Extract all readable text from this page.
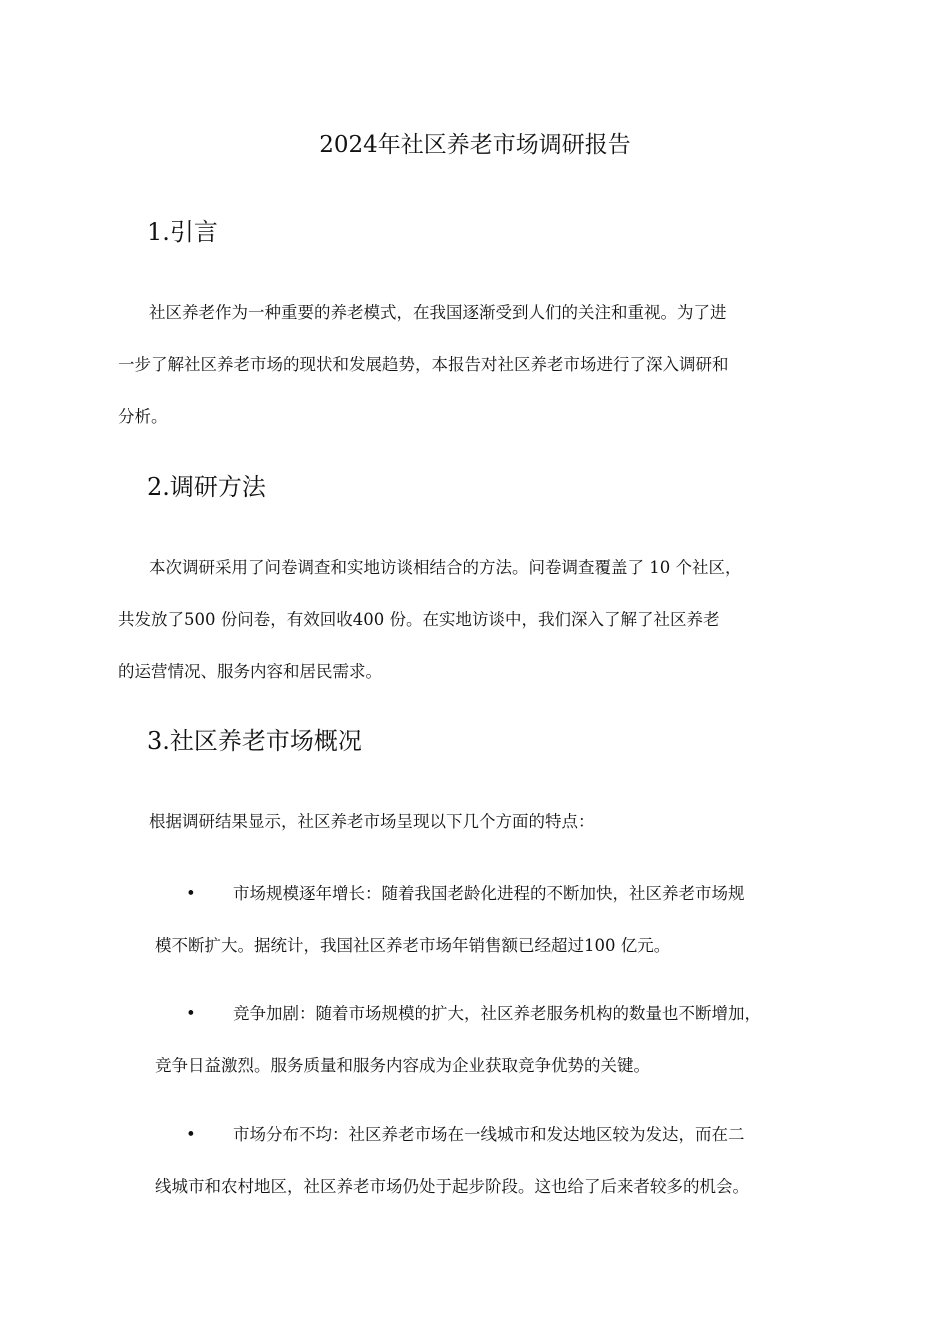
2024年社区养老市场调研报告
1.引言
社区养老作为一种重要的养老模式，在我国逐渐受到人们的关注和重视。为了进
一步了解社区养老市场的现状和发展趋势，本报告对社区养老市场进行了深入调研和
分析。
2.调研方法
本次调研采用了问卷调查和实地访谈相结合的方法。问卷调查覆盖了 10 个社区，
共发放了500 份问卷，有效回收400 份。在实地访谈中，我们深入了解了社区养老
的运营情况、服务内容和居民需求。
3.社区养老市场概况
根据调研结果显示，社区养老市场呈现以下几个方面的特点：
• 市场规模逐年增长：随着我国老龄化进程的不断加快，社区养老市场规
模不断扩大。据统计，我国社区养老市场年销售额已经超过100 亿元。
• 竞争加剧：随着市场规模的扩大，社区养老服务机构的数量也不断增加，
竞争日益激烈。服务质量和服务内容成为企业获取竞争优势的关键。
• 市场分布不均：社区养老市场在一线城市和发达地区较为发达，而在二
线城市和农村地区，社区养老市场仍处于起步阶段。这也给了后来者较多的机会。
